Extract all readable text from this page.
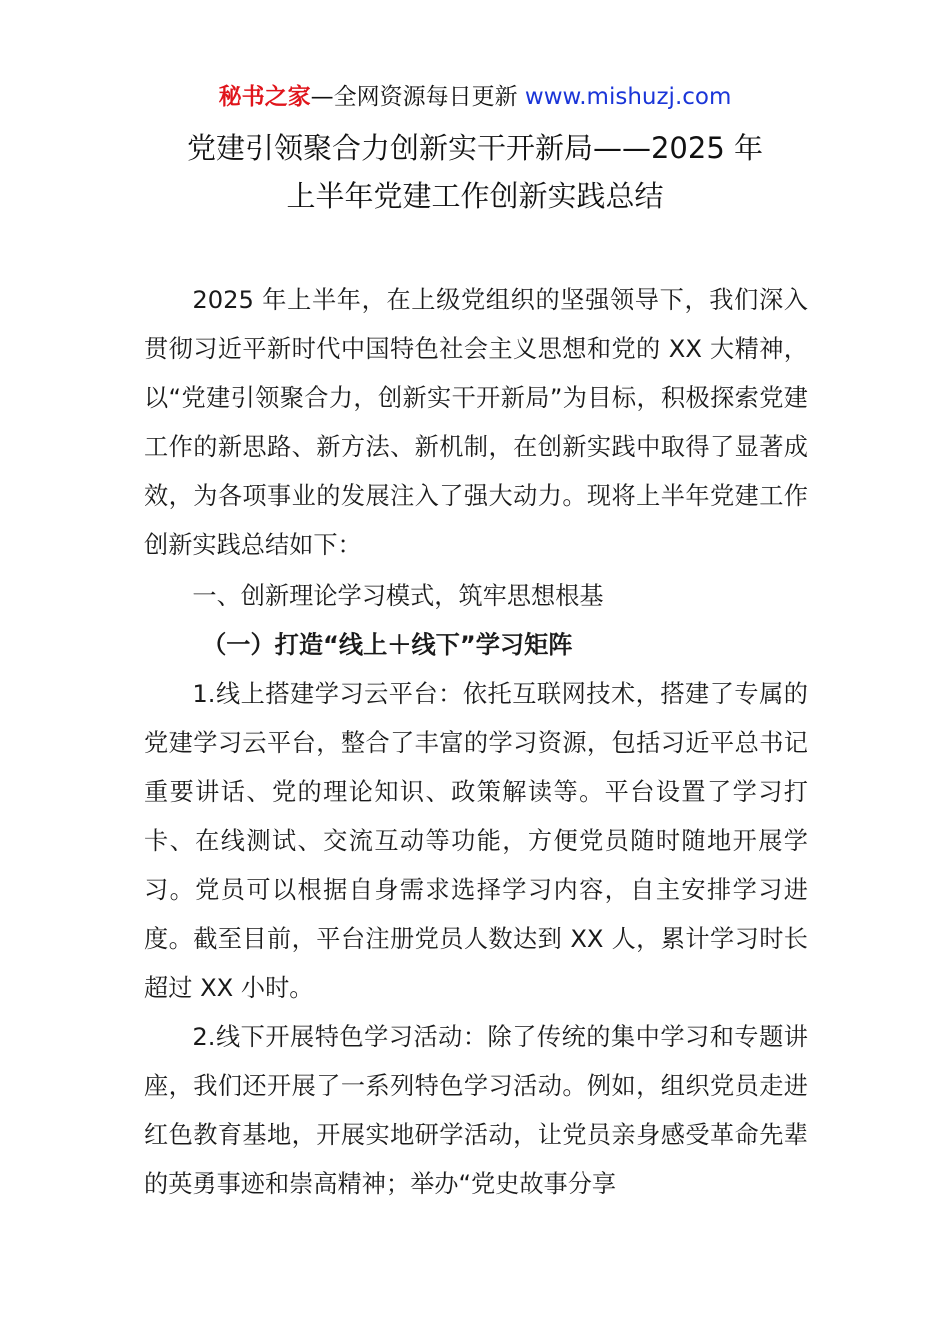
秘书之家—全网资源每日更新 www.mishuzj.com
党建引领聚合力创新实干开新局——2025 年
上半年党建工作创新实践总结

2025 年上半年，在上级党组织的坚强领导下，我们深入贯彻习近平新时代中国特色社会主义思想和党的 XX 大精神，以“党建引领聚合力，创新实干开新局”为目标，积极探索党建工作的新思路、新方法、新机制，在创新实践中取得了显著成效，为各项事业的发展注入了强大动力。现将上半年党建工作创新实践总结如下：

一、创新理论学习模式，筑牢思想根基

（一）打造“线上＋线下”学习矩阵

1.线上搭建学习云平台：依托互联网技术，搭建了专属的党建学习云平台，整合了丰富的学习资源，包括习近平总书记重要讲话、党的理论知识、政策解读等。平台设置了学习打卡、在线测试、交流互动等功能，方便党员随时随地开展学习。党员可以根据自身需求选择学习内容，自主安排学习进度。截至目前，平台注册党员人数达到 XX 人，累计学习时长超过 XX 小时。

2.线下开展特色学习活动：除了传统的集中学习和专题讲座，我们还开展了一系列特色学习活动。例如，组织党员走进红色教育基地，开展实地研学活动，让党员亲身感受革命先辈的英勇事迹和崇高精神；举办“党史故事分享
